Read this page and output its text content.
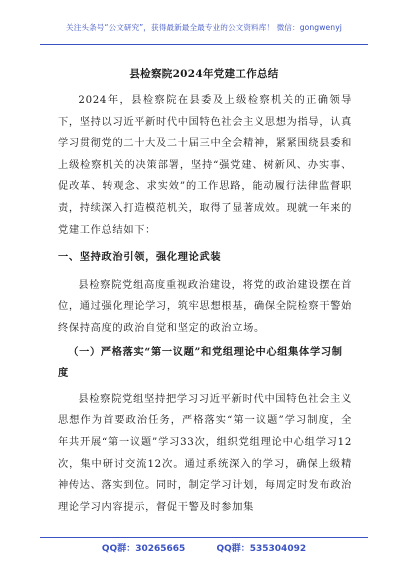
关注头条号“公文研究”，获得最新最全最专业的公文资料库！ 微信：gongwenyj
县检察院2024年党建工作总结

2024年，县检察院在县委及上级检察机关的正确领导下，坚持以习近平新时代中国特色社会主义思想为指导，认真学习贯彻党的二十大及二十届三中全会精神，紧紧围绕县委和上级检察机关的决策部署，坚持“强党建、树新风、办实事、促改革、转观念、求实效”的工作思路，能动履行法律监督职责，持续深入打造模范机关，取得了显著成效。现就一年来的党建工作总结如下：

一、坚持政治引领，强化理论武装

县检察院党组高度重视政治建设，将党的政治建设摆在首位，通过强化理论学习，筑牢思想根基，确保全院检察干警始终保持高度的政治自觉和坚定的政治立场。

（一）严格落实“第一议题”和党组理论中心组集体学习制度

县检察院党组坚持把学习习近平新时代中国特色社会主义思想作为首要政治任务，严格落实“第一议题”学习制度，全年共开展“第一议题”学习33次，组织党组理论中心组学习12次，集中研讨交流12次。通过系统深入的学习，确保上级精神传达、落实到位。同时，制定学习计划，每周定时发布政治理论学习内容提示，督促干警及时参加集

QQ群：30265665	QQ群：535304092
